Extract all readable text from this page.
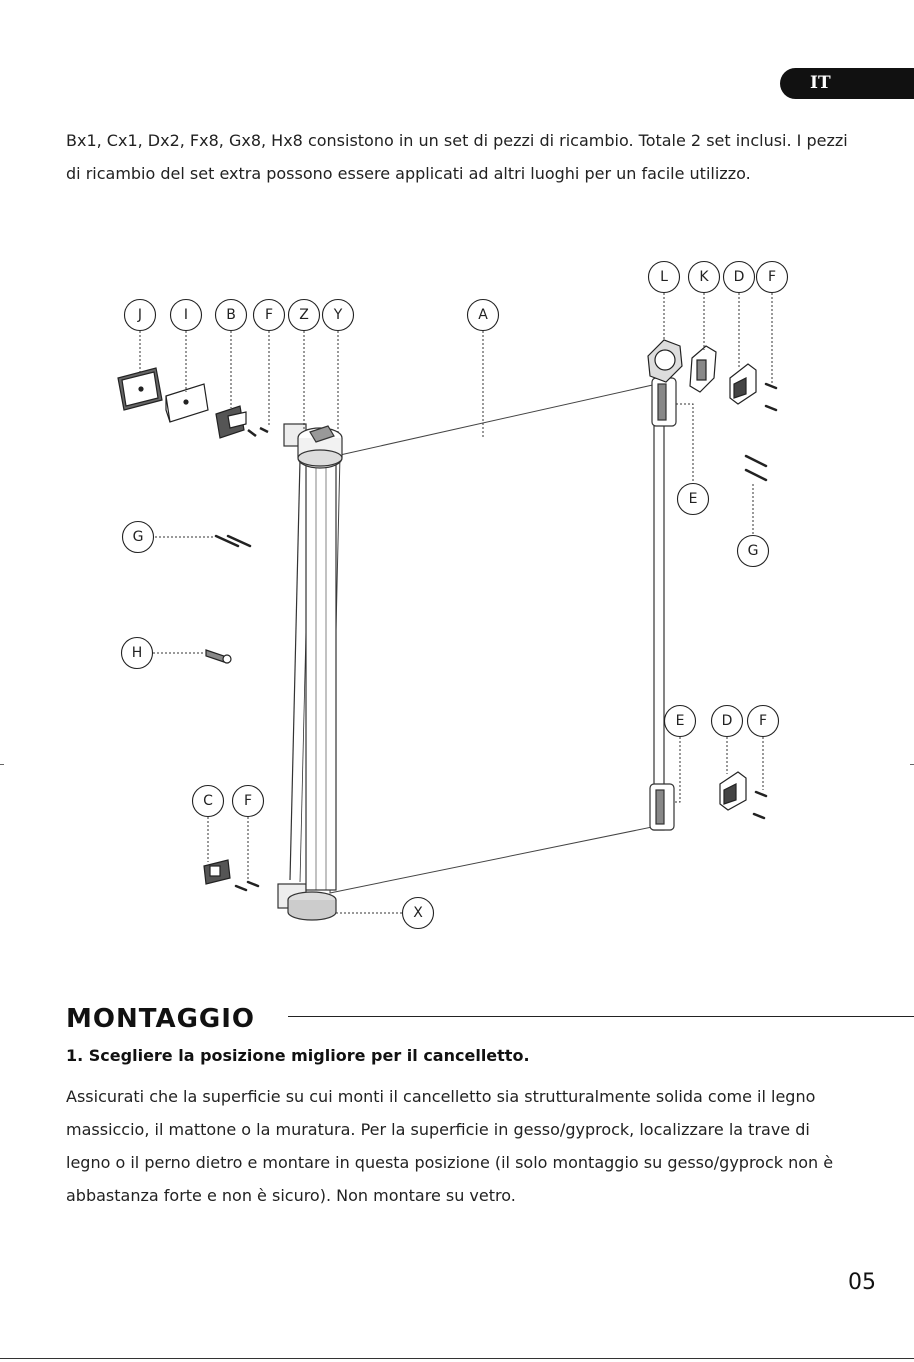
IT

Bx1, Cx1, Dx2, Fx8, Gx8, Hx8 consistono in un set di pezzi di ricambio. Totale 2 set inclusi. I pezzi di ricambio del set extra possono essere applicati ad altri luoghi per un facile utilizzo.

J	I	B F Z Y	A
L K D F
E
G
G
H
E	D F
C F
X
MONTAGGIO

1. Scegliere la posizione migliore per il cancelletto.

Assicurati che la superficie su cui monti il cancelletto sia strutturalmente solida come il legno massiccio, il mattone o la muratura. Per la superficie in gesso/gyprock, localizzare la trave di legno o il perno dietro e montare in questa posizione (il solo montaggio su gesso/gyprock non è abbastanza forte e non è sicuro). Non montare su vetro.

05
